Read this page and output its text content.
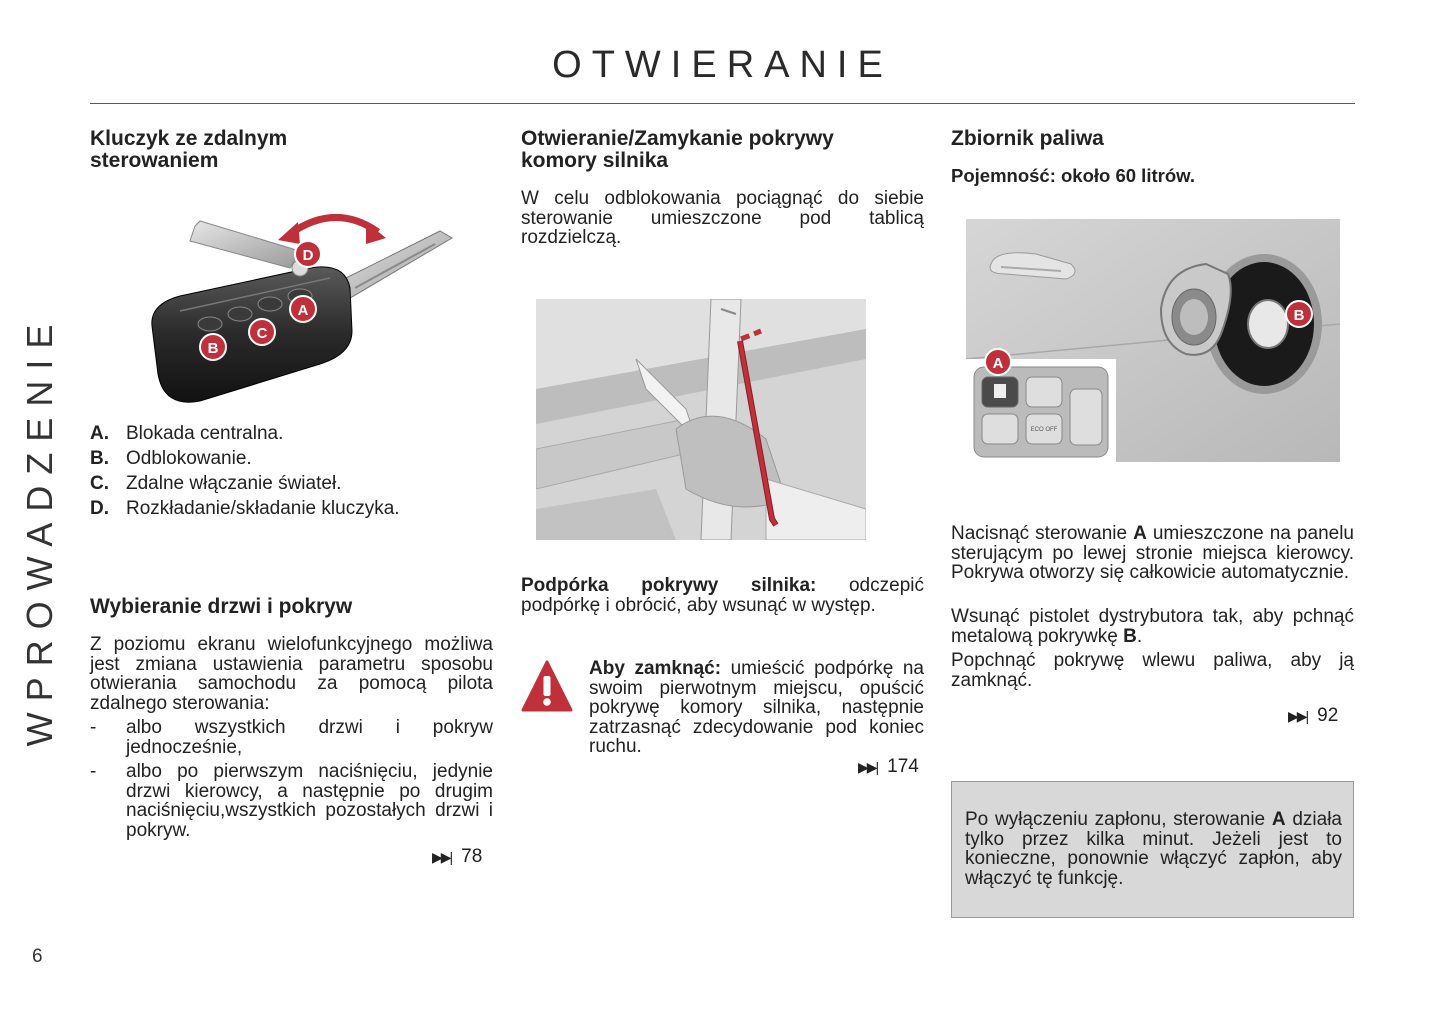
OTWIERANIE
WPROWADZENIE
6
Kluczyk ze zdalnym
sterowaniem
D
A
C
B
A. Blokada centralna.
B. Odblokowanie.
C. Zdalne włączanie świateł.
D. Rozkładanie/składanie kluczyka.
Wybieranie drzwi i pokryw

Z poziomu ekranu wielofunkcyjnego możliwa jest zmiana ustawienia parametru sposobu otwierania samochodu za pomocą pilota zdalnego sterowania:

- albo wszystkich drzwi i pokryw jednocześnie,
- albo po pierwszym naciśnięciu, jedynie drzwi kierowcy, a następnie po drugim naciśnięciu,wszystkich pozostałych drzwi i pokryw.
▶▶| 78
Otwieranie/Zamykanie pokrywy
komory silnika

W celu odblokowania pociągnąć do siebie sterowanie umieszczone pod tablicą rozdzielczą.

Podpórka pokrywy silnika: odczepić podpórkę i obrócić, aby wsunąć w występ.

Aby zamknąć: umieścić podpórkę na swoim pierwotnym miejscu, opuścić pokrywę komory silnika, następnie zatrzasnąć zdecydowanie pod koniec ruchu.

▶▶| 174
Zbiornik paliwa
Pojemność: około 60 litrów.
ECO OFF
A
B

Nacisnąć sterowanie A umieszczone na panelu sterującym po lewej stronie miejsca kierowcy. Pokrywa otworzy się całkowicie automatycznie.

Wsunąć pistolet dystrybutora tak, aby pchnąć metalową pokrywkę B.

Popchnąć pokrywę wlewu paliwa, aby ją zamknąć.

▶▶| 92

Po wyłączeniu zapłonu, sterowanie A działa tylko przez kilka minut. Jeżeli jest to konieczne, ponownie włączyć zapłon, aby włączyć tę funkcję.
